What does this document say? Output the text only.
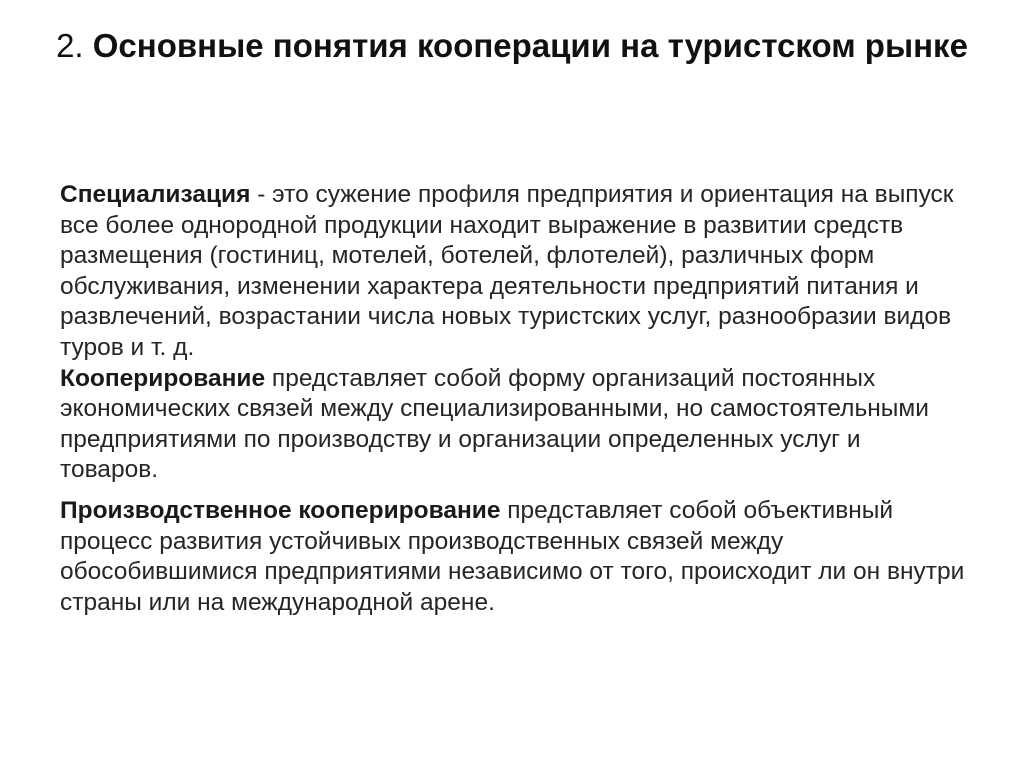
2. Основные понятия кооперации на туристском рынке

Специализация - это сужение профиля предприятия и ориентация на выпуск все более однородной продукции находит выражение в развитии средств размещения (гостиниц, мотелей, ботелей, флотелей), различных форм обслуживания, изменении характера деятельности предприятий питания и развлечений, возрастании числа новых туристских услуг, разнообразии видов туров и т. д.
Кооперирование представляет собой форму организаций постоянных экономических связей между специализированными, но самостоятельными предприятиями по производству и организации определенных услуг и товаров.

Производственное кооперирование представляет собой объективный процесс развития устойчивых производственных связей между обособившимися предприятиями независимо от того, происходит ли он внутри страны или на международной арене.
